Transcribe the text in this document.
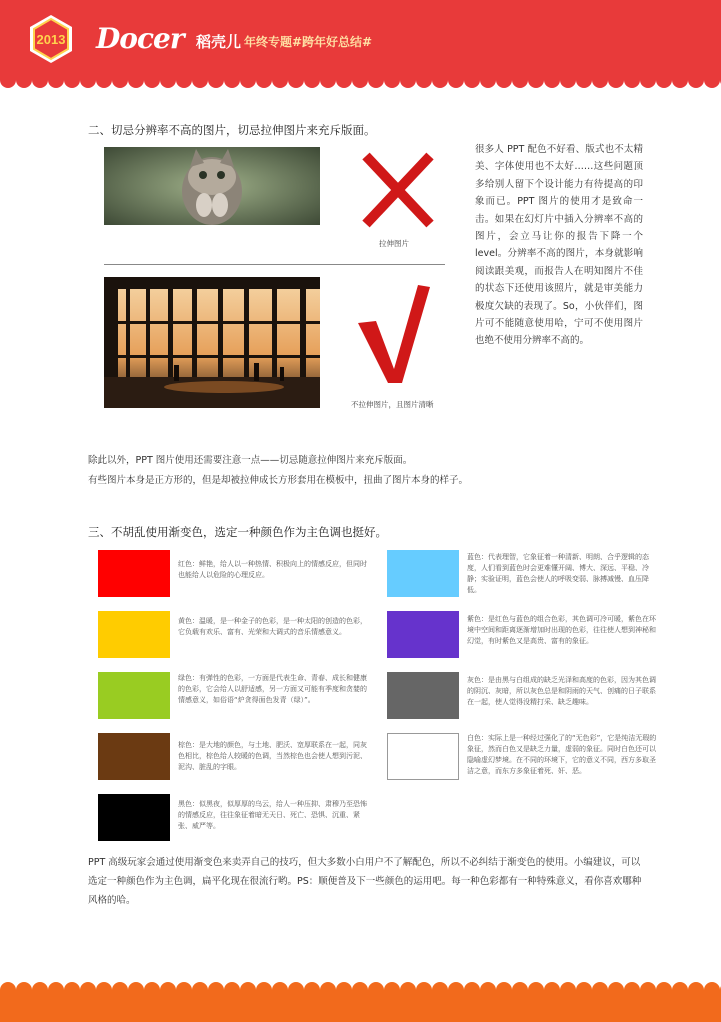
2013 Docer 稻壳儿 年终专题#跨年好总结#
二、切忌分辨率不高的图片，切忌拉伸图片来充斥版面。
拉伸图片
不拉伸图片，且图片清晰
很多人 PPT 配色不好看、版式也不太精美、字体使用也不太好……这些问题顶多给别人留下个设计能力有待提高的印象而已。PPT 图片的使用才是致命一击。如果在幻灯片中插入分辨率不高的图片，会立马让你的报告下降一个 level。分辨率不高的图片，本身就影响阅读跟美观，而报告人在明知图片不佳的状态下还使用该照片，就是审美能力极度欠缺的表现了。So，小伙伴们，图片可不能随意使用哈，宁可不使用图片也绝不使用分辨率不高的。
除此以外，PPT 图片使用还需要注意一点——切忌随意拉伸图片来充斥版面。
有些图片本身是正方形的，但是却被拉伸成长方形套用在模板中，扭曲了图片本身的样子。
三、不胡乱使用渐变色，选定一种颜色作为主色调也挺好。
红色：鲜艳，给人以一种热情、积极向上的情感反应，但同时也能给人以危险的心理反应。
黄色：温暖，是一种金子的色彩，是一种太阳的创造的色彩，它负载有欢乐、富有、光荣和大调式的音乐情感意义。
绿色：有弹性的色彩，一方面是代表生命、青春、成长和健康的色彩，它会给人以舒适感，另一方面又可能有季度和贪婪的情感意义，如俗语“炉贪得面色发青（绿）”。
棕色：是大地的颜色，与土地、肥沃、宽厚联系在一起，同灰色相比，棕色给人较暖的色调，当然棕色也会使人想到污泥、泥沟、脏乱的字眼。
黑色：似黑夜，似厚厚的乌云，给人一种压抑、肃穆乃至恐怖的情感反应，往往象征着暗无天日、死亡、恐惧、沉重、紧张、威严等。
蓝色：代表理智，它象征着一种清新、明朗、合乎逻辑的态度，人们看到蓝色时会更难懂开阔、博大、深远、平稳、冷静；实验证明，蓝色会使人的呼吸变弱、脉搏减慢、血压降低。
紫色：是红色与蓝色的组合色彩，其色调可冷可暖，紫色在环境中空间和距离逐渐增加时出现的色彩，往往使人想到神秘和幻觉，有时紫色又是高贵、富有的象征。
灰色：是由黑与白组成的缺乏光泽和高度的色彩，因为其色调的阴沉、灰暗，所以灰色总是和阴雨的天气、创痛的日子联系在一起，使人觉得没精打采、缺乏趣味。
白色：实际上是一种经过强化了的“无色彩”，它是纯洁无瑕的象征，然而白色又是缺乏力量，虚弱的象征。同时白色还可以隐喻虚幻梦境。在不同的环境下，它的意义不同，西方多取圣洁之意，而东方多象征着死、奸、恶。
PPT 高级玩家会通过使用渐变色来卖弄自己的技巧，但大多数小白用户不了解配色，所以不必纠结于渐变色的使用。小编建议，可以选定一种颜色作为主色调，扁平化现在很流行哟。PS：顺便普及下一些颜色的运用吧。每一种色彩都有一种特殊意义，看你喜欢哪种风格的哈。
